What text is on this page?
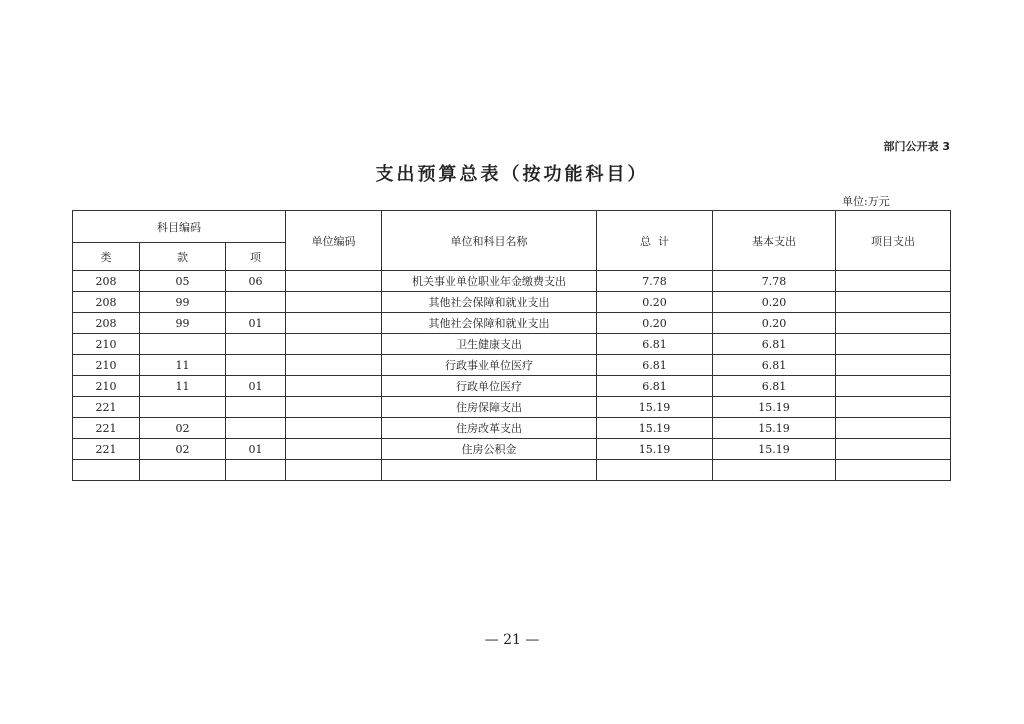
部门公开表 3
支出预算总表（按功能科目）
单位:万元
科目编码			单位编码	单位和科目名称	总  计	基本支出	项目支出
类	款	项					
208	05	06		机关事业单位职业年金缴费支出	7.78	7.78	
208	99			其他社会保障和就业支出	0.20	0.20	
208	99	01		其他社会保障和就业支出	0.20	0.20	
210				卫生健康支出	6.81	6.81	
210	11			行政事业单位医疗	6.81	6.81	
210	11	01		行政单位医疗	6.81	6.81	
221				住房保障支出	15.19	15.19	
221	02			住房改革支出	15.19	15.19	
221	02	01		住房公积金	15.19	15.19	

— 21 —
